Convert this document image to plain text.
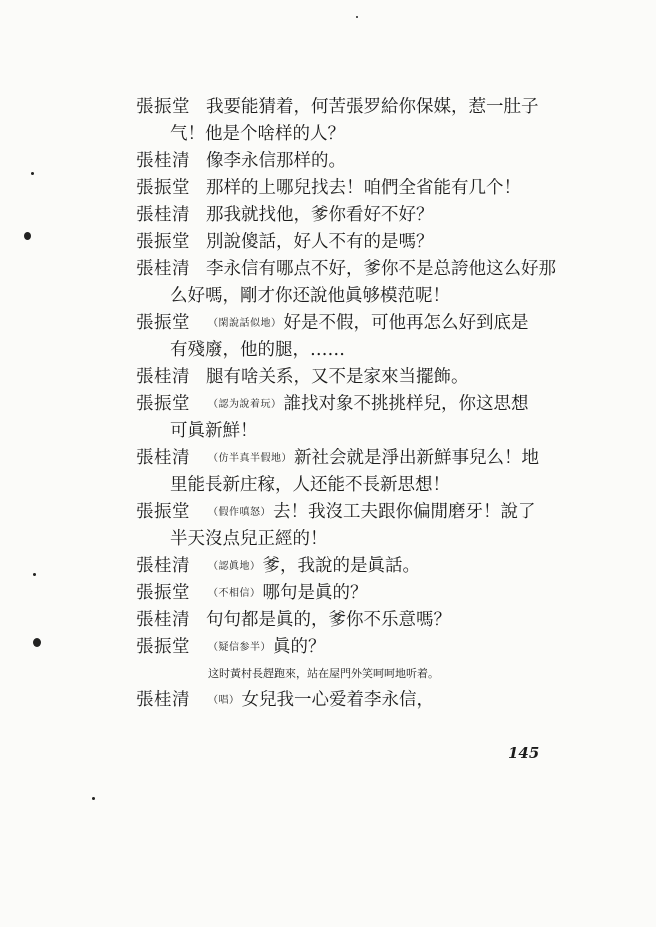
張振堂 我要能猜着，何苦張罗給你保媒，惹一肚子
气！他是个啥样的人？
張桂清 像李永信那样的。
張振堂 那样的上哪兒找去！咱們全省能有几个！
張桂清 那我就找他，爹你看好不好？
張振堂 別說傻話，好人不有的是嗎？
張桂清 李永信有哪点不好，爹你不是总誇他这么好那
么好嗎，剛才你还說他眞够模范呢！
張振堂 （閑說話似地） 好是不假，可他再怎么好到底是
有殘廢，他的腿，……
張桂清 腿有啥关系，又不是家來当擺飾。
張振堂 （認为說着玩） 誰找对象不挑挑样兒，你这思想
可眞新鮮！
張桂清 （仿半真半假地） 新社会就是淨出新鮮事兒么！地
里能長新庄稼，人还能不長新思想！
張振堂 （假作嗔怒） 去！我沒工夫跟你偏閒磨牙！說了
半天沒点兒正經的！
張桂清 （認眞地） 爹，我說的是眞話。
張振堂 （不相信） 哪句是眞的？
張桂清 句句都是眞的，爹你不乐意嗎？
張振堂 （疑信参半） 眞的？
这时黃村長趕跑來，站在屋門外笑呵呵地听着。
張桂清 （唱） 女兒我一心爱着李永信，
145
